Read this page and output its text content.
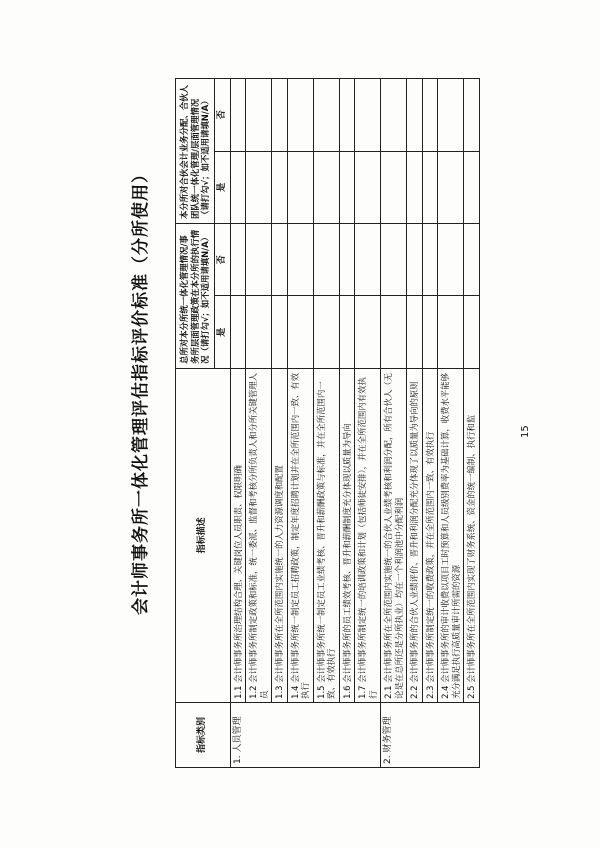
会计师事务所一体化管理评估指标评价标准（分所使用）
指标类别	指标描述	总所对本分所统一体化管理情况/事务所层面管理政策在本分所的执行情况（请打勾√；如不适用请填N/A）		本分所对合伙会计业务分配、合伙人团队统一体化管理/层面管理情况（请打勾√；如不适用请填N/A）	
		是	否	是	否
1. 人员管理	1.1 会计师事务所治理结构合理、关键岗位人员职责、权限明确				
	1.2 会计师事务所制定政策和标准，统一委派、监督和考核分所负责人和分所关键管理人员				
	1.3 会计师事务所在全所范围内实施统一的人力资源调度和配置				
	1.4 会计师事务所统一制定员工招聘政策，制定年度招聘计划并在全所范围内一致、有效执行				
	1.5 会计师事务所统一制定员工业绩考核、晋升和薪酬政策与标准，并在全所范围内一致、有效执行				
	1.6 会计师事务所的员工绩效考核、晋升和薪酬制度充分体现以质量为导向				
	1.7 会计师事务所制定统一的培训政策和计划（包括师徒安排），并在全所范围内有效执行				
2. 财务管理	2.1 会计师事务所在全所范围内实施统一的合伙人业绩考核和利润分配，所有合伙人（无论是在总所还是分所执业）均在一个利润池中分配利润				
	2.2 会计师事务所的合伙人业绩评价、晋升和利润分配充分体现了以质量为导向的原则				
	2.3 会计师事务所制定统一的收费政策，并在全所范围内一致、有效执行				
	2.4 会计师事务所的审计收费以项目工时预算和人员级别费率为基础计算，收费水平能够充分满足执行高质量审计所需的资源				
	2.5 会计师事务所在全所范围内实现了财务系统、资金的统一编制、执行和监					15
